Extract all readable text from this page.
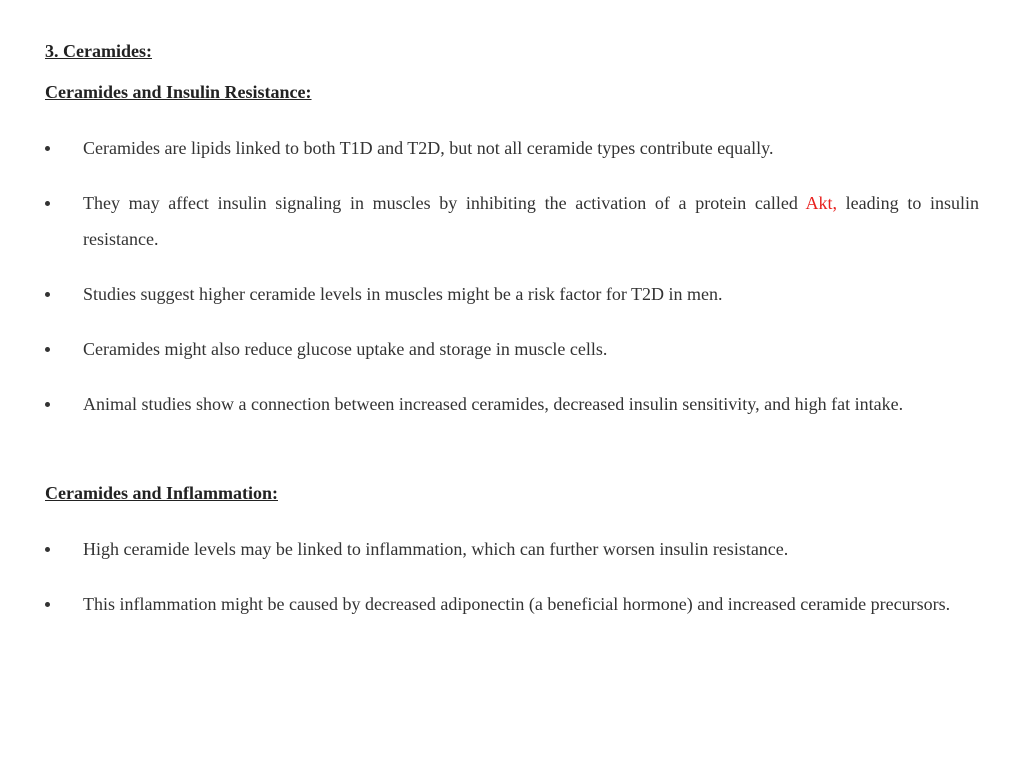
3. Ceramides:
Ceramides and Insulin Resistance:
Ceramides are lipids linked to both T1D and T2D, but not all ceramide types contribute equally.
They may affect insulin signaling in muscles by inhibiting the activation of a protein called Akt, leading to insulin resistance.
Studies suggest higher ceramide levels in muscles might be a risk factor for T2D in men.
Ceramides might also reduce glucose uptake and storage in muscle cells.
Animal studies show a connection between increased ceramides, decreased insulin sensitivity, and high fat intake.
Ceramides and Inflammation:
High ceramide levels may be linked to inflammation, which can further worsen insulin resistance.
This inflammation might be caused by decreased adiponectin (a beneficial hormone) and increased ceramide precursors.
